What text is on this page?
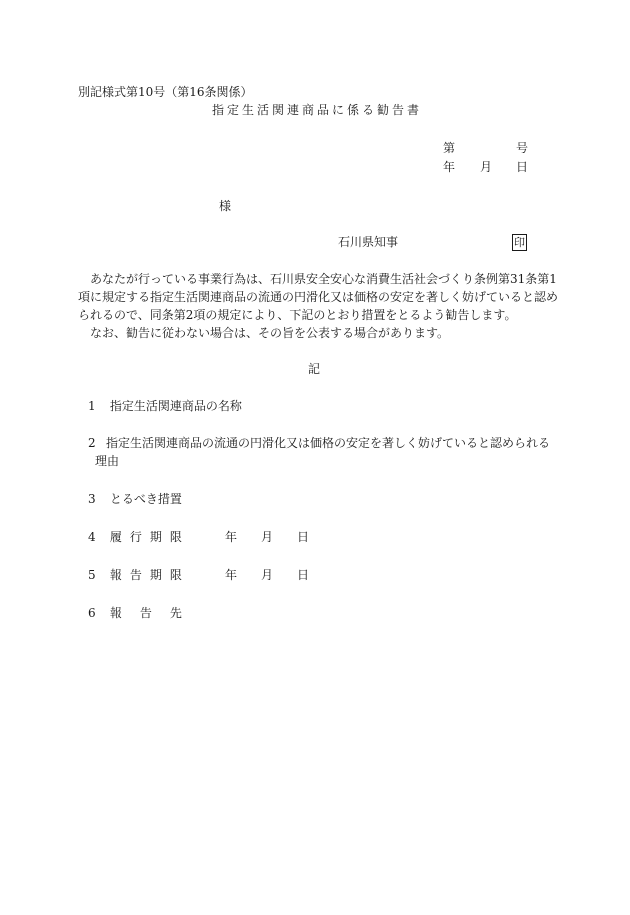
別記様式第10号（第16条関係）
指定生活関連商品に係る勧告書
第	号
年 月 日
様
石川県知事	印

あなたが行っている事業行為は、石川県安全安心な消費生活社会づくり条例第31条第1項に規定する指定生活関連商品の流通の円滑化又は価格の安定を著しく妨げていると認められるので、同条第2項の規定により、下記のとおり措置をとるよう勧告します。

なお、勧告に従わない場合は、その旨を公表する場合があります。

記
1 指定生活関連商品の名称
2 指定生活関連商品の流通の円滑化又は価格の安定を著しく妨げていると認められる
理由
3 とるべき措置
4 履行期限	年 月 日
5 報告期限	年 月 日
6 報告先
